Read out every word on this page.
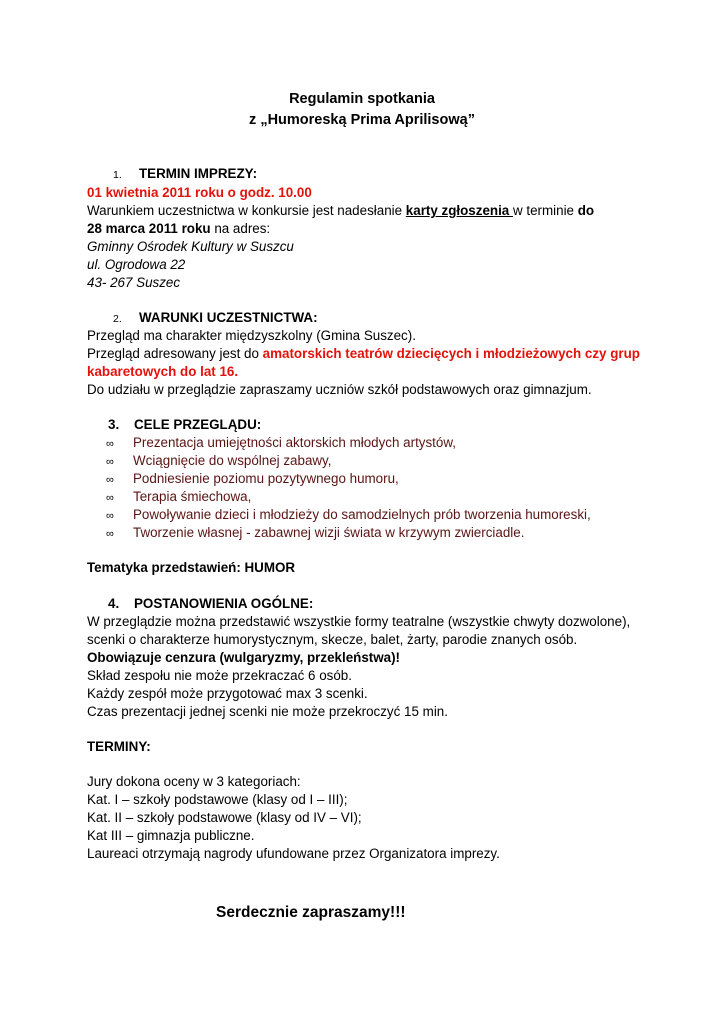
Regulamin spotkania
z „Humoreską Prima Aprilisową”
1. TERMIN IMPREZY:
01 kwietnia 2011 roku o godz. 10.00
Warunkiem uczestnictwa w konkursie jest nadesłanie karty zgłoszenia w terminie do
28 marca 2011 roku na adres:
Gminny Ośrodek Kultury w Suszcu
ul. Ogrodowa 22
43- 267 Suszec
2. WARUNKI UCZESTNICTWA:
Przegląd ma charakter międzyszkolny (Gmina Suszec).
Przegląd adresowany jest do amatorskich teatrów dziecięcych i młodzieżowych czy grup
kabaretowych do lat 16.
Do udziału w przeglądzie zapraszamy uczniów szkół podstawowych oraz gimnazjum.
3. CELE PRZEGLĄDU:
∞ Prezentacja umiejętności aktorskich młodych artystów,
∞ Wciągnięcie do wspólnej zabawy,
∞ Podniesienie poziomu pozytywnego humoru,
∞ Terapia śmiechowa,
∞ Powoływanie dzieci i młodzieży do samodzielnych prób tworzenia humoreski,
∞ Tworzenie własnej - zabawnej wizji świata w krzywym zwierciadle.
Tematyka przedstawień: HUMOR
4. POSTANOWIENIA OGÓLNE:
W przeglądzie można przedstawić wszystkie formy teatralne (wszystkie chwyty dozwolone),
scenki o charakterze humorystycznym, skecze, balet, żarty, parodie znanych osób.
Obowiązuje cenzura (wulgaryzmy, przekleństwa)!
Skład zespołu nie może przekraczać 6 osób.
Każdy zespół może przygotować max 3 scenki.
Czas prezentacji jednej scenki nie może przekroczyć 15 min.
TERMINY:
Jury dokona oceny w 3 kategoriach:
Kat. I – szkoły podstawowe (klasy od I – III);
Kat. II – szkoły podstawowe (klasy od IV – VI);
Kat III – gimnazja publiczne.
Laureaci otrzymają nagrody ufundowane przez Organizatora imprezy.
Serdecznie zapraszamy!!!
